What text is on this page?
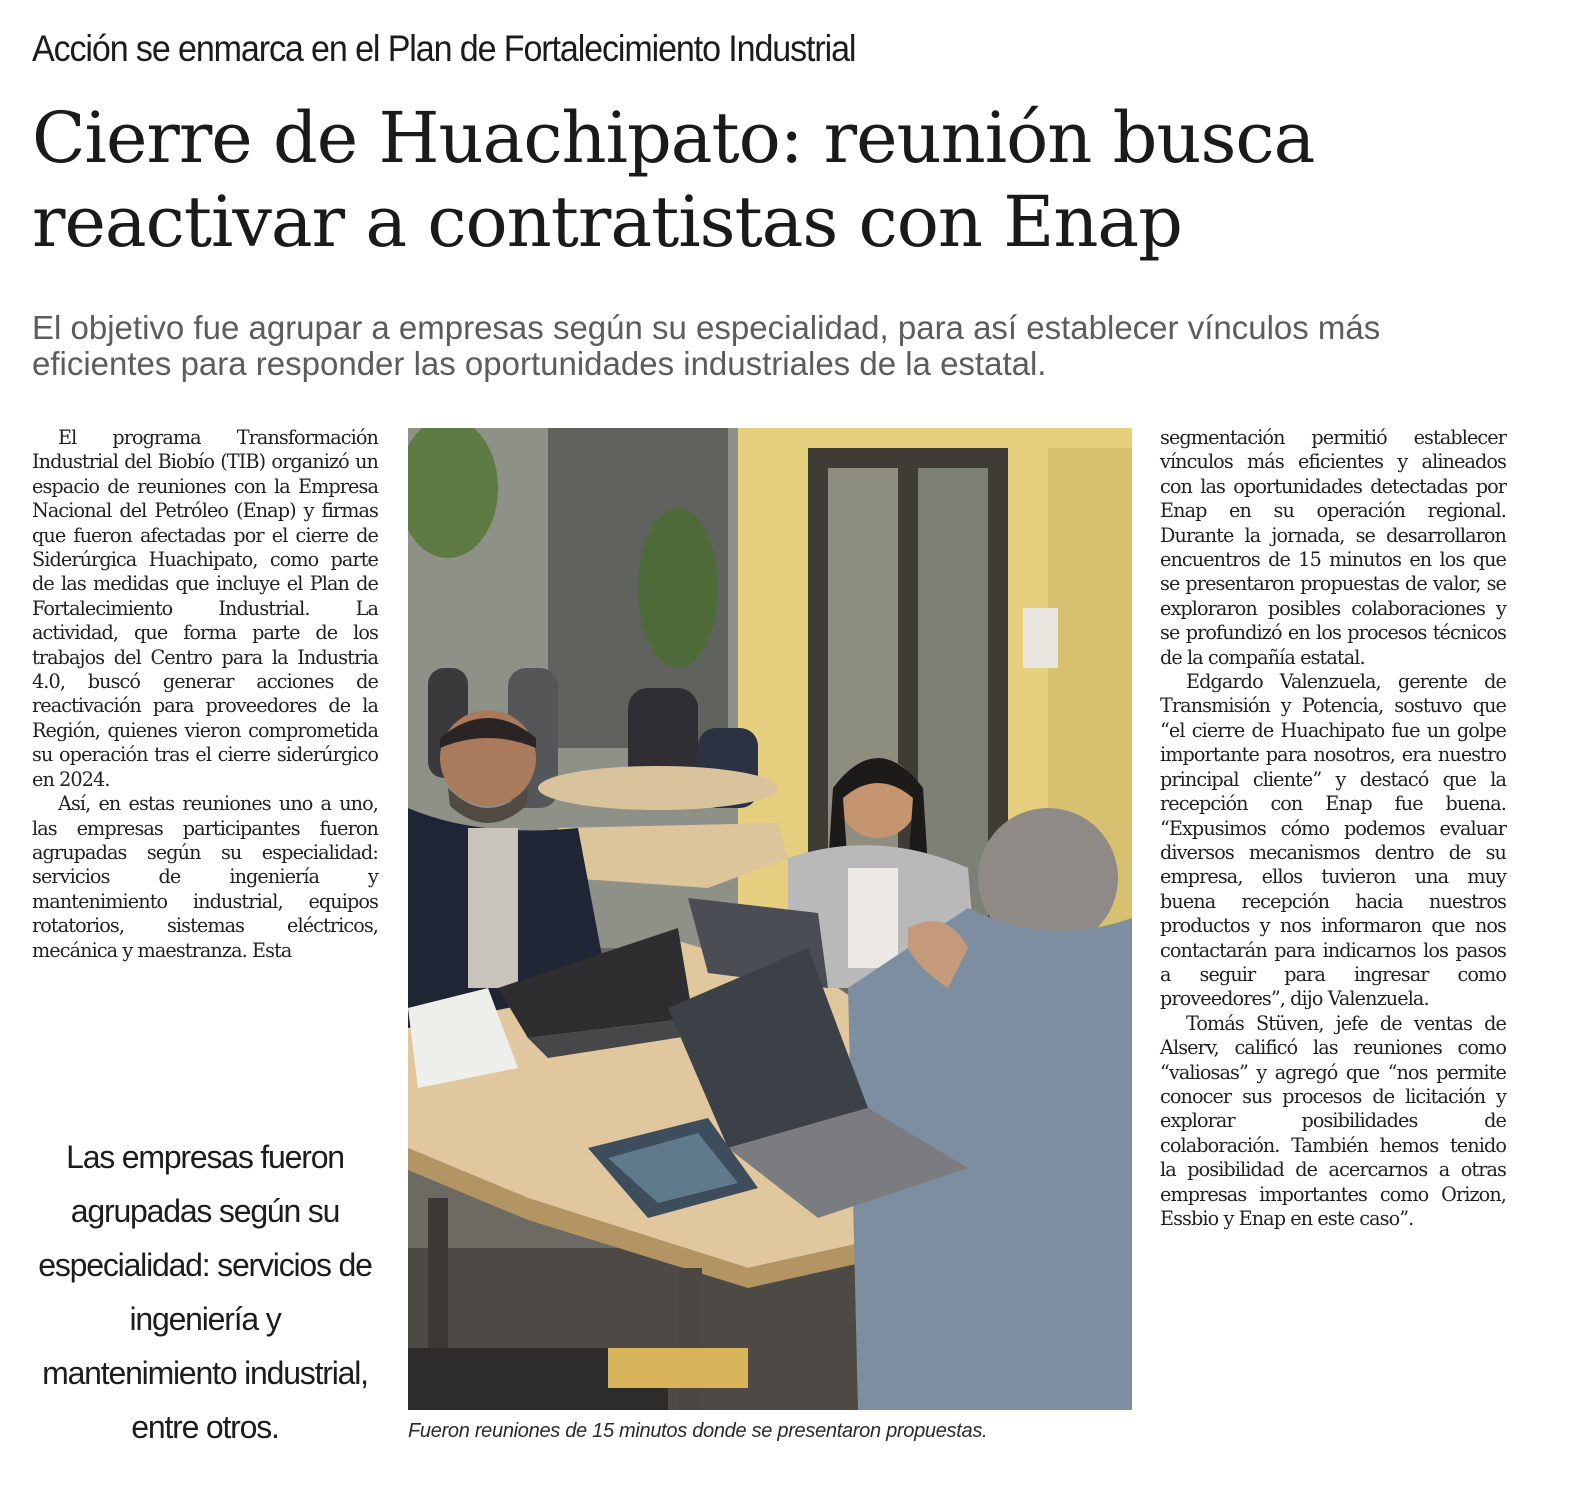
Acción se enmarca en el Plan de Fortalecimiento Industrial
Cierre de Huachipato: reunión busca
reactivar a contratistas con Enap
El objetivo fue agrupar a empresas según su especialidad, para así establecer vínculos más
eficientes para responder las oportunidades industriales de la estatal.

El programa Transformación Industrial del Biobío (TIB) organizó un espacio de reuniones con la Empresa Nacional del Petróleo (Enap) y firmas que fueron afectadas por el cierre de Siderúrgica Huachipato, como parte de las medidas que incluye el Plan de Fortalecimiento Industrial. La actividad, que forma parte de los trabajos del Centro para la Industria 4.0, buscó generar acciones de reactivación para proveedores de la Región, quienes vieron comprometida su operación tras el cierre siderúrgico en 2024.

Así, en estas reuniones uno a uno, las empresas participantes fueron agrupadas según su especialidad: servicios de ingeniería y mantenimiento industrial, equipos rotatorios, sistemas eléctricos, mecánica y maestranza. Esta

Las empresas fueron agrupadas según su especialidad: servicios de ingeniería y mantenimiento industrial, entre otros.	Fueron reuniones de 15 minutos donde se presentaron propuestas.

segmentación permitió establecer vínculos más eficientes y alineados con las oportunidades detectadas por Enap en su operación regional. Durante la jornada, se desarrollaron encuentros de 15 minutos en los que se presentaron propuestas de valor, se exploraron posibles colaboraciones y se profundizó en los procesos técnicos de la compañía estatal.

Edgardo Valenzuela, gerente de Transmisión y Potencia, sostuvo que “el cierre de Huachipato fue un golpe importante para nosotros, era nuestro principal cliente” y destacó que la recepción con Enap fue buena. “Expusimos cómo podemos evaluar diversos mecanismos dentro de su empresa, ellos tuvieron una muy buena recepción hacia nuestros productos y nos informaron que nos contactarán para indicarnos los pasos a seguir para ingresar como proveedores”, dijo Valenzuela.

Tomás Stüven, jefe de ventas de Alserv, calificó las reuniones como “valiosas” y agregó que “nos permite conocer sus procesos de licitación y explorar posibilidades de colaboración. También hemos tenido la posibilidad de acercarnos a otras empresas importantes como Orizon, Essbio y Enap en este caso”.
